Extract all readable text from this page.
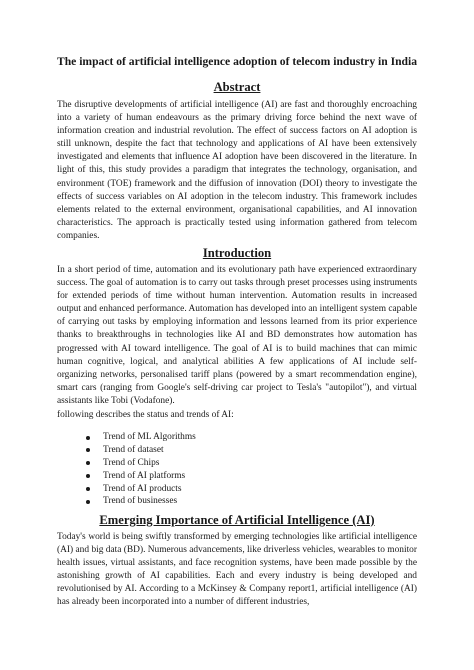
The impact of artificial intelligence adoption of telecom industry in India
Abstract

The disruptive developments of artificial intelligence (AI) are fast and thoroughly encroaching into a variety of human endeavours as the primary driving force behind the next wave of information creation and industrial revolution. The effect of success factors on AI adoption is still unknown, despite the fact that technology and applications of AI have been extensively investigated and elements that influence AI adoption have been discovered in the literature. In light of this, this study provides a paradigm that integrates the technology, organisation, and environment (TOE) framework and the diffusion of innovation (DOI) theory to investigate the effects of success variables on AI adoption in the telecom industry. This framework includes elements related to the external environment, organisational capabilities, and AI innovation characteristics. The approach is practically tested using information gathered from telecom companies.

Introduction

In a short period of time, automation and its evolutionary path have experienced extraordinary success. The goal of automation is to carry out tasks through preset processes using instruments for extended periods of time without human intervention. Automation results in increased output and enhanced performance. Automation has developed into an intelligent system capable of carrying out tasks by employing information and lessons learned from its prior experience thanks to breakthroughs in technologies like AI and BD demonstrates how automation has progressed with AI toward intelligence. The goal of AI is to build machines that can mimic human cognitive, logical, and analytical abilities A few applications of AI include self-organizing networks, personalised tariff plans (powered by a smart recommendation engine), smart cars (ranging from Google's self-driving car project to Tesla's "autopilot"), and virtual assistants like Tobi (Vodafone).

following describes the status and trends of AI:

Trend of ML Algorithms
Trend of dataset
Trend of Chips
Trend of AI platforms
Trend of AI products
Trend of businesses
Emerging Importance of Artificial Intelligence (AI)

Today's world is being swiftly transformed by emerging technologies like artificial intelligence (AI) and big data (BD). Numerous advancements, like driverless vehicles, wearables to monitor health issues, virtual assistants, and face recognition systems, have been made possible by the astonishing growth of AI capabilities. Each and every industry is being developed and revolutionised by AI. According to a McKinsey & Company report1, artificial intelligence (AI) has already been incorporated into a number of different industries,
